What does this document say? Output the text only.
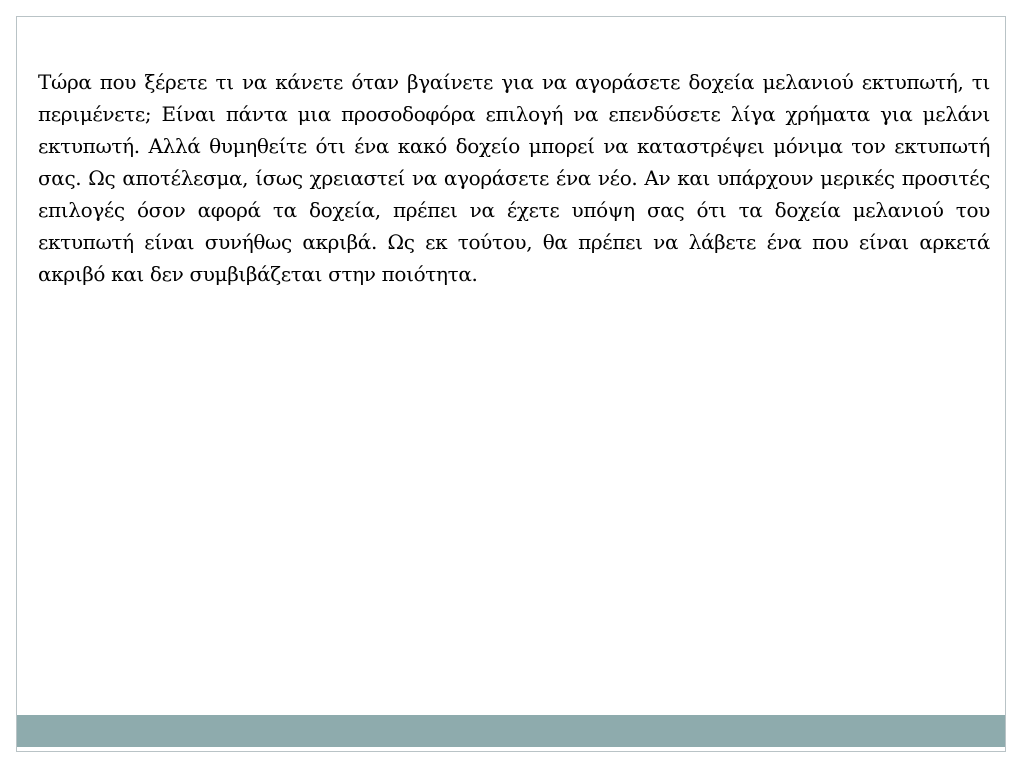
Τώρα που ξέρετε τι να κάνετε όταν βγαίνετε για να αγοράσετε δοχεία μελανιού εκτυπωτή, τι περιμένετε; Είναι πάντα μια προσοδοφόρα επιλογή να επενδύσετε λίγα χρήματα για μελάνι εκτυπωτή. Αλλά θυμηθείτε ότι ένα κακό δοχείο μπορεί να καταστρέψει μόνιμα τον εκτυπωτή σας. Ως αποτέλεσμα, ίσως χρειαστεί να αγοράσετε ένα νέο. Αν και υπάρχουν μερικές προσιτές επιλογές όσον αφορά τα δοχεία, πρέπει να έχετε υπόψη σας ότι τα δοχεία μελανιού του εκτυπωτή είναι συνήθως ακριβά. Ως εκ τούτου, θα πρέπει να λάβετε ένα που είναι αρκετά ακριβό και δεν συμβιβάζεται στην ποιότητα.
